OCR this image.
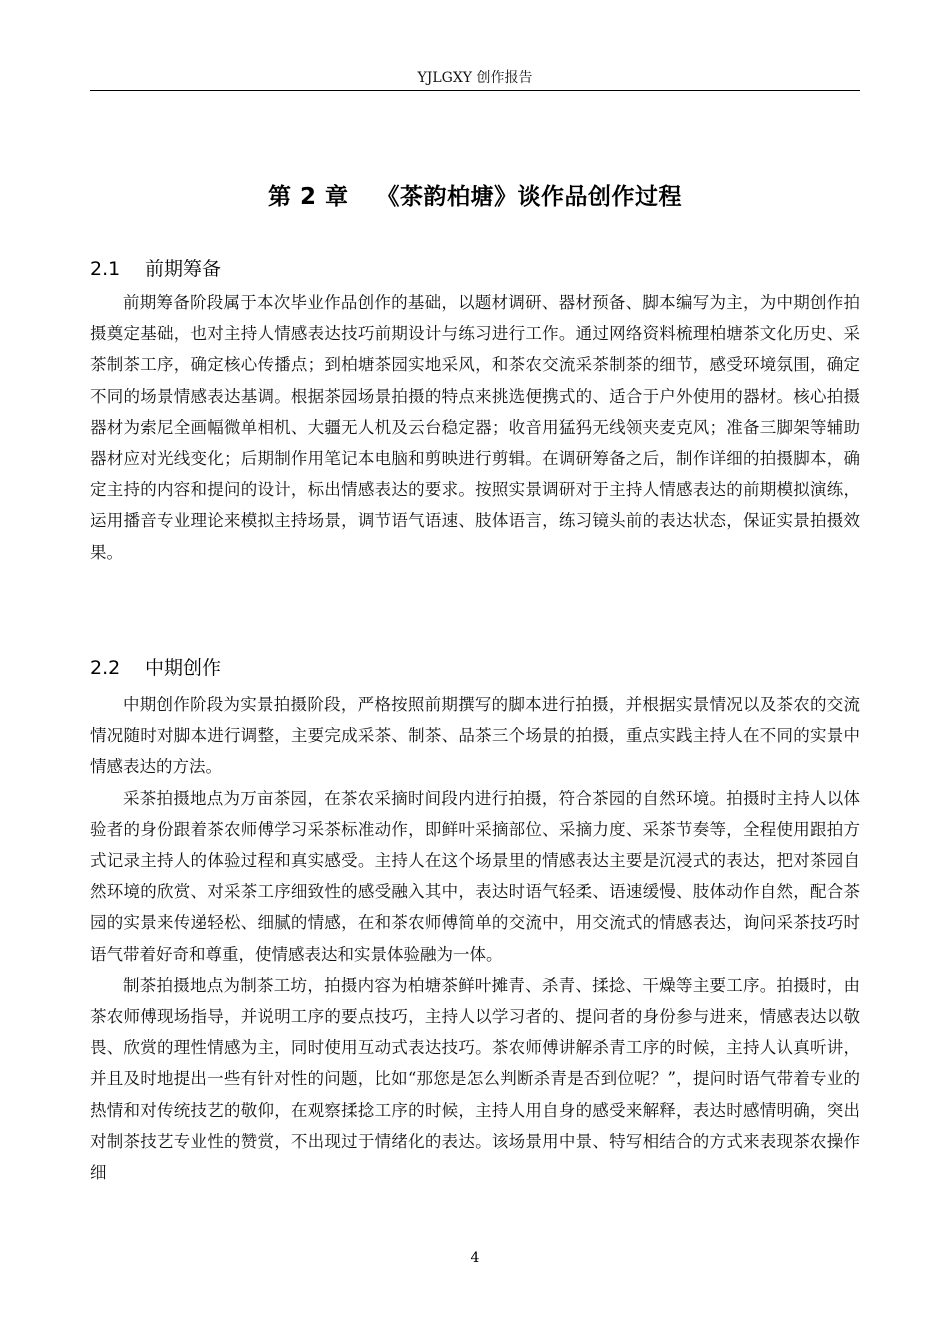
YJLGXY 创作报告
第 2 章 《茶韵柏塘》谈作品创作过程
2.1 前期筹备

前期筹备阶段属于本次毕业作品创作的基础，以题材调研、器材预备、脚本编写为主，为中期创作拍摄奠定基础，也对主持人情感表达技巧前期设计与练习进行工作。通过网络资料梳理柏塘茶文化历史、采茶制茶工序，确定核心传播点；到柏塘茶园实地采风，和茶农交流采茶制茶的细节，感受环境氛围，确定不同的场景情感表达基调。根据茶园场景拍摄的特点来挑选便携式的、适合于户外使用的器材。核心拍摄器材为索尼全画幅微单相机、大疆无人机及云台稳定器；收音用猛犸无线领夹麦克风；准备三脚架等辅助器材应对光线变化；后期制作用笔记本电脑和剪映进行剪辑。在调研筹备之后，制作详细的拍摄脚本，确定主持的内容和提问的设计，标出情感表达的要求。按照实景调研对于主持人情感表达的前期模拟演练，运用播音专业理论来模拟主持场景，调节语气语速、肢体语言，练习镜头前的表达状态，保证实景拍摄效果。

2.2 中期创作

中期创作阶段为实景拍摄阶段，严格按照前期撰写的脚本进行拍摄，并根据实景情况以及茶农的交流情况随时对脚本进行调整，主要完成采茶、制茶、品茶三个场景的拍摄，重点实践主持人在不同的实景中情感表达的方法。

采茶拍摄地点为万亩茶园，在茶农采摘时间段内进行拍摄，符合茶园的自然环境。拍摄时主持人以体验者的身份跟着茶农师傅学习采茶标准动作，即鲜叶采摘部位、采摘力度、采茶节奏等，全程使用跟拍方式记录主持人的体验过程和真实感受。主持人在这个场景里的情感表达主要是沉浸式的表达，把对茶园自然环境的欣赏、对采茶工序细致性的感受融入其中，表达时语气轻柔、语速缓慢、肢体动作自然，配合茶园的实景来传递轻松、细腻的情感，在和茶农师傅简单的交流中，用交流式的情感表达，询问采茶技巧时语气带着好奇和尊重，使情感表达和实景体验融为一体。

制茶拍摄地点为制茶工坊，拍摄内容为柏塘茶鲜叶摊青、杀青、揉捻、干燥等主要工序。拍摄时，由茶农师傅现场指导，并说明工序的要点技巧，主持人以学习者的、提问者的身份参与进来，情感表达以敬畏、欣赏的理性情感为主，同时使用互动式表达技巧。茶农师傅讲解杀青工序的时候，主持人认真听讲，并且及时地提出一些有针对性的问题，比如“那您是怎么判断杀青是否到位呢？”，提问时语气带着专业的热情和对传统技艺的敬仰，在观察揉捻工序的时候，主持人用自身的感受来解释，表达时感情明确，突出对制茶技艺专业性的赞赏，不出现过于情绪化的表达。该场景用中景、特写相结合的方式来表现茶农操作细

4
